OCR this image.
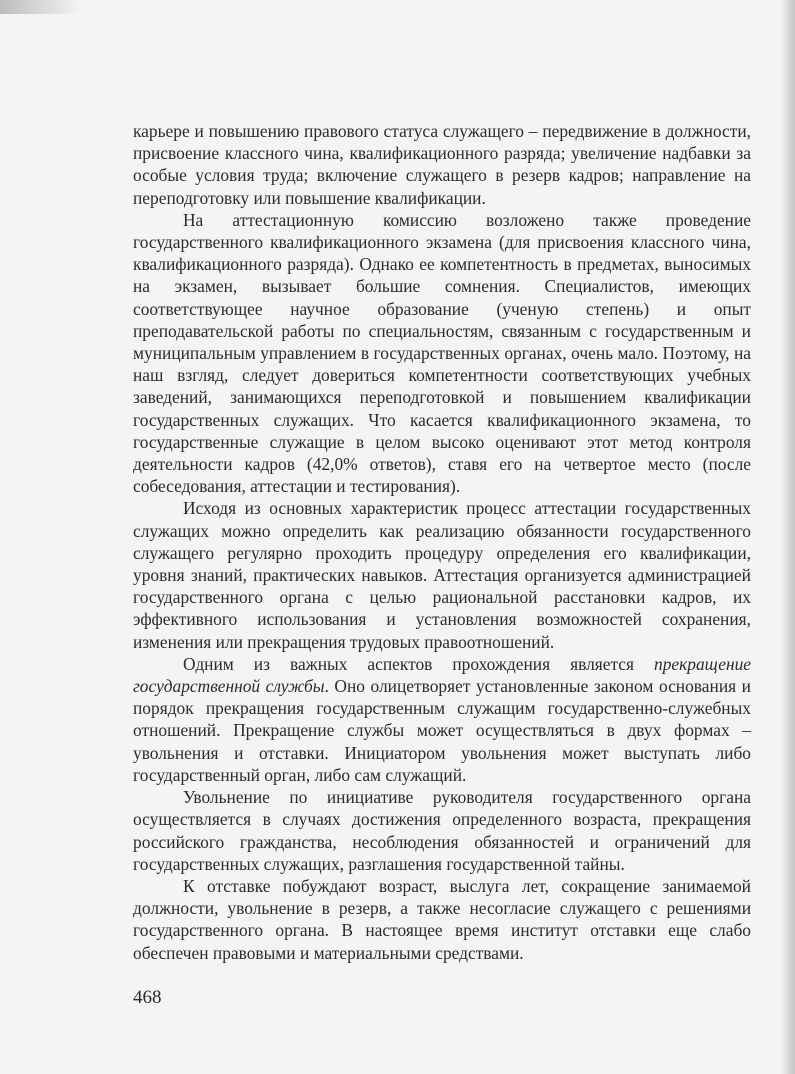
карьере и повышению правового статуса служащего – передвижение в должности, присвоение классного чина, квалификационного разряда; увеличение надбавки за особые условия труда; включение служащего в резерв кадров; направление на переподготовку или повышение квалификации.

На аттестационную комиссию возложено также проведение государственного квалификационного экзамена (для присвоения классного чина, квалификационного разряда). Однако ее компетентность в предметах, выносимых на экзамен, вызывает большие сомнения. Специалистов, имеющих соответствующее научное образование (ученую степень) и опыт преподавательской работы по специальностям, связанным с государственным и муниципальным управлением в государственных органах, очень мало. Поэтому, на наш взгляд, следует довериться компетентности соответствующих учебных заведений, занимающихся переподготовкой и повышением квалификации государственных служащих. Что касается квалификационного экзамена, то государственные служащие в целом высоко оценивают этот метод контроля деятельности кадров (42,0% ответов), ставя его на четвертое место (после собеседования, аттестации и тестирования).

Исходя из основных характеристик процесс аттестации государственных служащих можно определить как реализацию обязанности государственного служащего регулярно проходить процедуру определения его квалификации, уровня знаний, практических навыков. Аттестация организуется администрацией государственного органа с целью рациональной расстановки кадров, их эффективного использования и установления возможностей сохранения, изменения или прекращения трудовых правоотношений.

Одним из важных аспектов прохождения является прекращение государственной службы. Оно олицетворяет установленные законом основания и порядок прекращения государственным служащим государственно-служебных отношений. Прекращение службы может осуществляться в двух формах – увольнения и отставки. Инициатором увольнения может выступать либо государственный орган, либо сам служащий.

Увольнение по инициативе руководителя государственного органа осуществляется в случаях достижения определенного возраста, прекращения российского гражданства, несоблюдения обязанностей и ограничений для государственных служащих, разглашения государственной тайны.

К отставке побуждают возраст, выслуга лет, сокращение занимаемой должности, увольнение в резерв, а также несогласие служащего с решениями государственного органа. В настоящее время институт отставки еще слабо обеспечен правовыми и материальными средствами.

468
